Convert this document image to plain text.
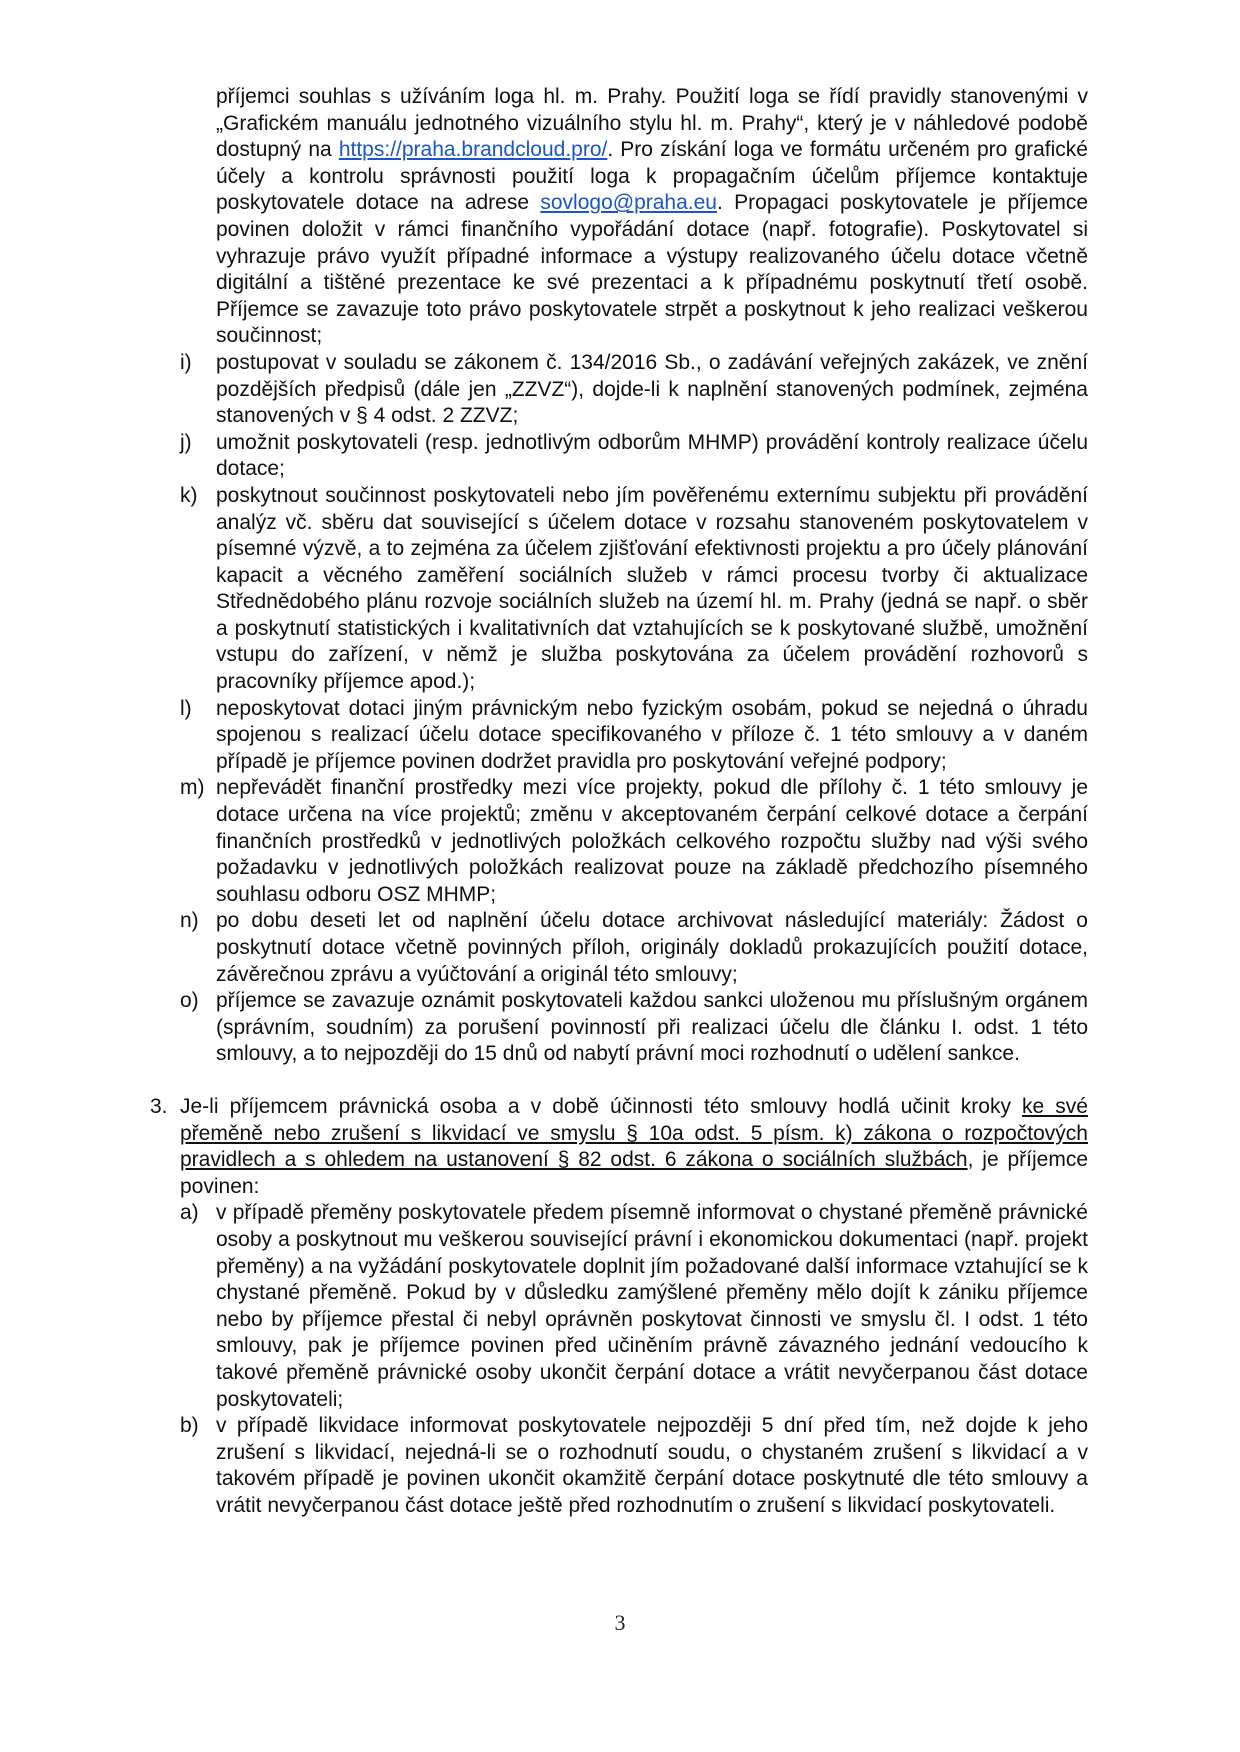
příjemci souhlas s užíváním loga hl. m. Prahy. Použití loga se řídí pravidly stanovenými v „Grafickém manuálu jednotného vizuálního stylu hl. m. Prahy“, který je v náhledové podobě dostupný na https://praha.brandcloud.pro/. Pro získání loga ve formátu určeném pro grafické účely a kontrolu správnosti použití loga k propagačním účelům příjemce kontaktuje poskytovatele dotace na adrese sovlogo@praha.eu. Propagaci poskytovatele je příjemce povinen doložit v rámci finančního vypořádání dotace (např. fotografie). Poskytovatel si vyhrazuje právo využít případné informace a výstupy realizovaného účelu dotace včetně digitální a tištěné prezentace ke své prezentaci a k případnému poskytnutí třetí osobě. Příjemce se zavazuje toto právo poskytovatele strpět a poskytnout k jeho realizaci veškerou součinnost;
i) postupovat v souladu se zákonem č. 134/2016 Sb., o zadávání veřejných zakázek, ve znění pozdějších předpisů (dále jen „ZZVZ“), dojde-li k naplnění stanovených podmínek, zejména stanovených v § 4 odst. 2 ZZVZ;
j) umožnit poskytovateli (resp. jednotlivým odborům MHMP) provádění kontroly realizace účelu dotace;
k) poskytnout součinnost poskytovateli nebo jím pověřenému externímu subjektu při provádění analýz vč. sběru dat související s účelem dotace v rozsahu stanoveném poskytovatelem v písemné výzvě, a to zejména za účelem zjišťování efektivnosti projektu a pro účely plánování kapacit a věcného zaměření sociálních služeb v rámci procesu tvorby či aktualizace Střednědobého plánu rozvoje sociálních služeb na území hl. m. Prahy (jedná se např. o sběr a poskytnutí statistických i kvalitativních dat vztahujících se k poskytované službě, umožnění vstupu do zařízení, v němž je služba poskytována za účelem provádění rozhovorů s pracovníky příjemce apod.);
l) neposkytovat dotaci jiným právnickým nebo fyzickým osobám, pokud se nejedná o úhradu spojenou s realizací účelu dotace specifikovaného v příloze č. 1 této smlouvy a v daném případě je příjemce povinen dodržet pravidla pro poskytování veřejné podpory;
m) nepřevádět finanční prostředky mezi více projekty, pokud dle přílohy č. 1 této smlouvy je dotace určena na více projektů; změnu v akceptovaném čerpání celkové dotace a čerpání finančních prostředků v jednotlivých položkách celkového rozpočtu služby nad výši svého požadavku v jednotlivých položkách realizovat pouze na základě předchozího písemného souhlasu odboru OSZ MHMP;
n) po dobu deseti let od naplnění účelu dotace archivovat následující materiály: Žádost o poskytnutí dotace včetně povinných příloh, originály dokladů prokazujících použití dotace, závěrečnou zprávu a vyúčtování a originál této smlouvy;
o) příjemce se zavazuje oznámit poskytovateli každou sankci uloženou mu příslušným orgánem (správním, soudním) za porušení povinností při realizaci účelu dle článku I. odst. 1 této smlouvy, a to nejpozději do 15 dnů od nabytí právní moci rozhodnutí o udělení sankce.
3. Je-li příjemcem právnická osoba a v době účinnosti této smlouvy hodlá učinit kroky ke své přeměně nebo zrušení s likvidací ve smyslu § 10a odst. 5 písm. k) zákona o rozpočtových pravidlech a s ohledem na ustanovení § 82 odst. 6 zákona o sociálních službách, je příjemce povinen:
a) v případě přeměny poskytovatele předem písemně informovat o chystané přeměně právnické osoby a poskytnout mu veškerou související právní i ekonomickou dokumentaci (např. projekt přeměny) a na vyžádání poskytovatele doplnit jím požadované další informace vztahující se k chystané přeměně. Pokud by v důsledku zamýšlené přeměny mělo dojít k zániku příjemce nebo by příjemce přestal či nebyl oprávněn poskytovat činnosti ve smyslu čl. I odst. 1 této smlouvy, pak je příjemce povinen před učiněním právně závazného jednání vedoucího k takové přeměně právnické osoby ukončit čerpání dotace a vrátit nevyčerpanou část dotace poskytovateli;
b) v případě likvidace informovat poskytovatele nejpozději 5 dní před tím, než dojde k jeho zrušení s likvidací, nejedná-li se o rozhodnutí soudu, o chystaném zrušení s likvidací a v takovém případě je povinen ukončit okamžitě čerpání dotace poskytnuté dle této smlouvy a vrátit nevyčerpanou část dotace ještě před rozhodnutím o zrušení s likvidací poskytovateli.
3
